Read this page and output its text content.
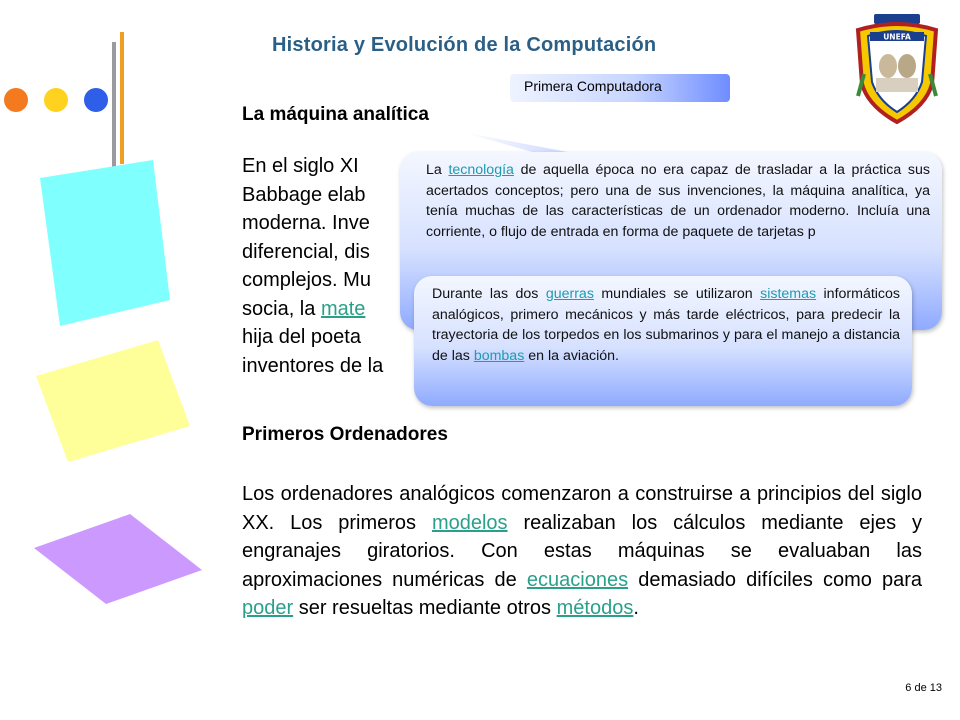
Historia y Evolución de la Computación
Primera Computadora
UNEFA
La máquina analítica
En el siglo XI
Babbage elab
moderna. Inve
diferencial, dis
complejos. Mu
socia, la mate
hija del poeta
inventores de la
La tecnología de aquella época no era capaz de trasladar a la práctica sus acertados conceptos; pero una de sus invenciones, la máquina analítica, ya tenía muchas de las características de un ordenador moderno. Incluía una corriente, o flujo de entrada en forma de paquete de tarjetas p
Durante las dos guerras mundiales se utilizaron sistemas informáticos analógicos, primero mecánicos y más tarde eléctricos, para predecir la trayectoria de los torpedos en los submarinos y para el manejo a distancia de las bombas en la aviación.
Primeros Ordenadores
Los ordenadores analógicos comenzaron a construirse a principios del siglo XX. Los primeros modelos realizaban los cálculos mediante ejes y engranajes giratorios. Con estas máquinas se evaluaban las aproximaciones numéricas de ecuaciones demasiado difíciles como para poder ser resueltas mediante otros métodos.
6 de 13
